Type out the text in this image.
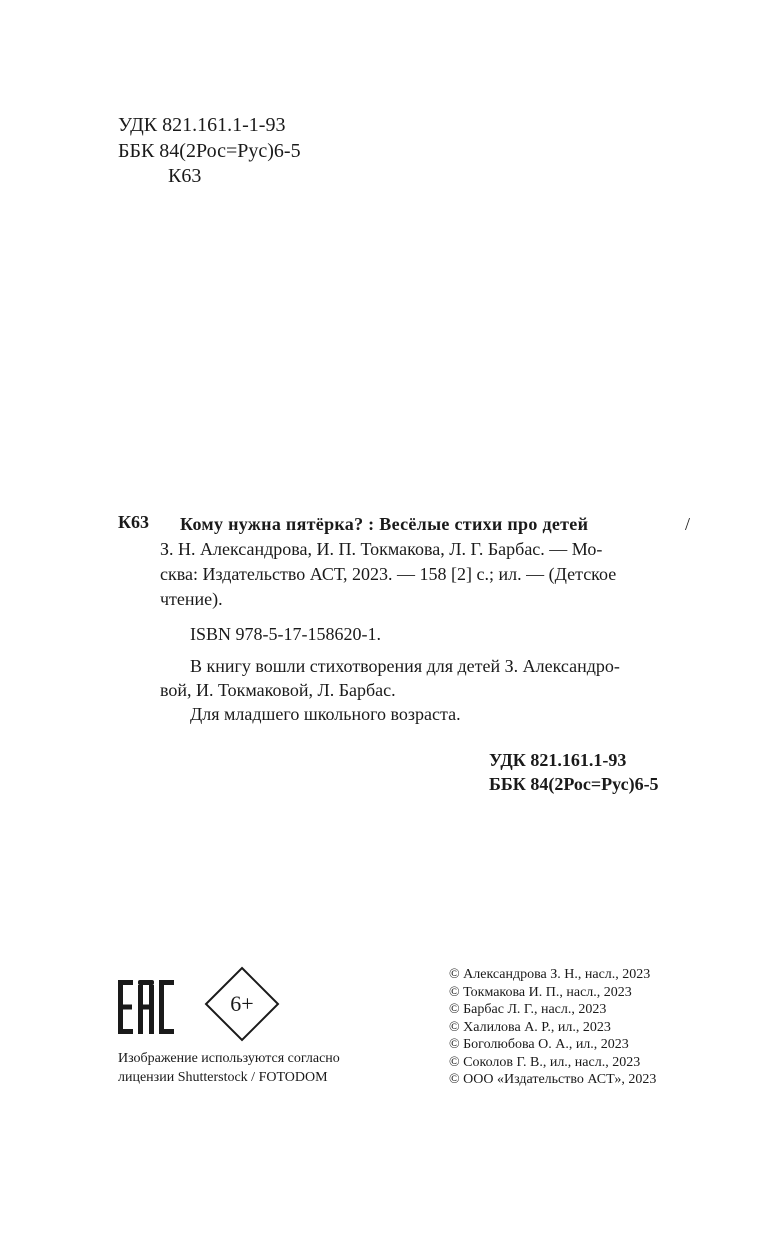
УДК 821.161.1-1-93
ББК 84(2Рос=Рус)6-5
К63
К63 Кому нужна пятёрка? : Весёлые стихи про детей	/
З. Н. Александрова, И. П. Токмакова, Л. Г. Барбас. — Мо-
сква: Издательство АСТ, 2023. — 158 [2] с.; ил. — (Детское
чтение).
ISBN 978-5-17-158620-1.
В книгу вошли стихотворения для детей З. Александро-
вой, И. Токмаковой, Л. Барбас.
Для младшего школьного возраста.
УДК 821.161.1-93
ББК 84(2Рос=Рус)6-5
6+
Изображение используются согласно
лицензии Shutterstock / FOTODOM
© Александрова З. Н., насл., 2023
© Токмакова И. П., насл., 2023
© Барбас Л. Г., насл., 2023
© Халилова А. Р., ил., 2023
© Боголюбова О. А., ил., 2023
© Соколов Г. В., ил., насл., 2023
© ООО «Издательство АСТ», 2023
